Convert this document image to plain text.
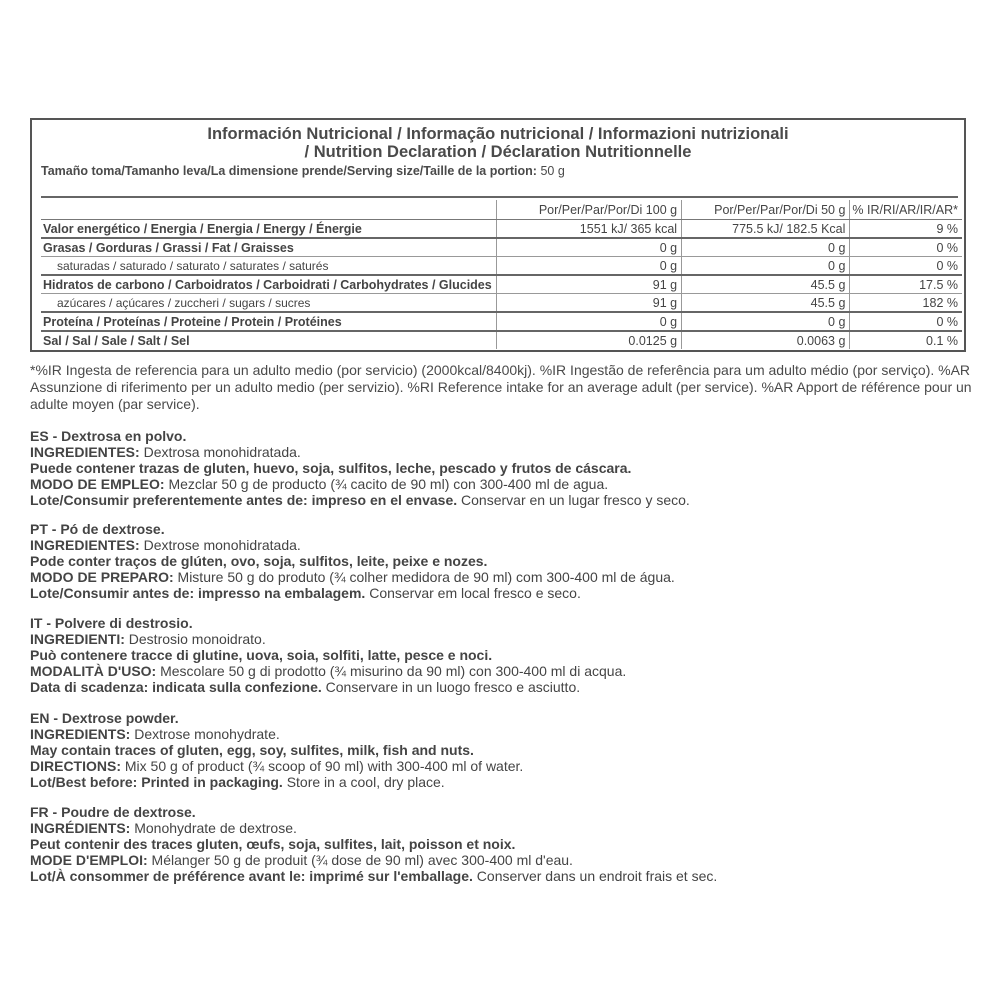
Información Nutricional / Informação nutricional / Informazioni nutrizionali
/ Nutrition Declaration / Déclaration Nutritionnelle
Tamaño toma/Tamanho leva/La dimensione prende/Serving size/Taille de la portion: 50 g
	Por/Per/Par/Por/Di 100 g	Por/Per/Par/Por/Di 50 g	% IR/RI/AR/IR/AR*
Valor energético / Energia / Energia / Energy / Énergie	1551 kJ/ 365 kcal	775.5 kJ/ 182.5 Kcal	9 %
Grasas / Gorduras / Grassi / Fat / Graisses	0 g	0 g	0 %
saturadas / saturado / saturato / saturates / saturés	0 g	0 g	0 %
Hidratos de carbono / Carboidratos / Carboidrati / Carbohydrates / Glucides	91 g	45.5 g	17.5 %
azúcares / açúcares / zuccheri / sugars / sucres	91 g	45.5 g	182 %
Proteína / Proteínas / Proteine / Protein / Protéines	0 g	0 g	0 %
Sal / Sal / Sale / Salt / Sel	0.0125 g	0.0063 g	0.1 %
*%IR Ingesta de referencia para un adulto medio (por servicio) (2000kcal/8400kj). %IR Ingestão de referência para um adulto médio (por serviço). %AR Assunzione di riferimento per un adulto medio (per servizio). %RI Reference intake for an average adult (per service). %AR Apport de référence pour un adulte moyen (par service).
ES - Dextrosa en polvo.
INGREDIENTES: Dextrosa monohidratada.
Puede contener trazas de gluten, huevo, soja, sulfitos, leche, pescado y frutos de cáscara.
MODO DE EMPLEO: Mezclar 50 g de producto (¾ cacito de 90 ml) con 300-400 ml de agua.
Lote/Consumir preferentemente antes de: impreso en el envase. Conservar en un lugar fresco y seco.
PT - Pó de dextrose.
INGREDIENTES: Dextrose monohidratada.
Pode conter traços de glúten, ovo, soja, sulfitos, leite, peixe e nozes.
MODO DE PREPARO: Misture 50 g do produto (¾ colher medidora de 90 ml) com 300-400 ml de água.
Lote/Consumir antes de: impresso na embalagem. Conservar em local fresco e seco.
IT - Polvere di destrosio.
INGREDIENTI: Destrosio monoidrato.
Può contenere tracce di glutine, uova, soia, solfiti, latte, pesce e noci.
MODALITÀ D'USO: Mescolare 50 g di prodotto (¾ misurino da 90 ml) con 300-400 ml di acqua.
Data di scadenza: indicata sulla confezione. Conservare in un luogo fresco e asciutto.
EN - Dextrose powder.
INGREDIENTS: Dextrose monohydrate.
May contain traces of gluten, egg, soy, sulfites, milk, fish and nuts.
DIRECTIONS: Mix 50 g of product (¾ scoop of 90 ml) with 300-400 ml of water.
Lot/Best before: Printed in packaging. Store in a cool, dry place.
FR - Poudre de dextrose.
INGRÉDIENTS: Monohydrate de dextrose.
Peut contenir des traces gluten, œufs, soja, sulfites, lait, poisson et noix.
MODE D'EMPLOI: Mélanger 50 g de produit (¾ dose de 90 ml) avec 300-400 ml d'eau.
Lot/À consommer de préférence avant le: imprimé sur l'emballage. Conserver dans un endroit frais et sec.
